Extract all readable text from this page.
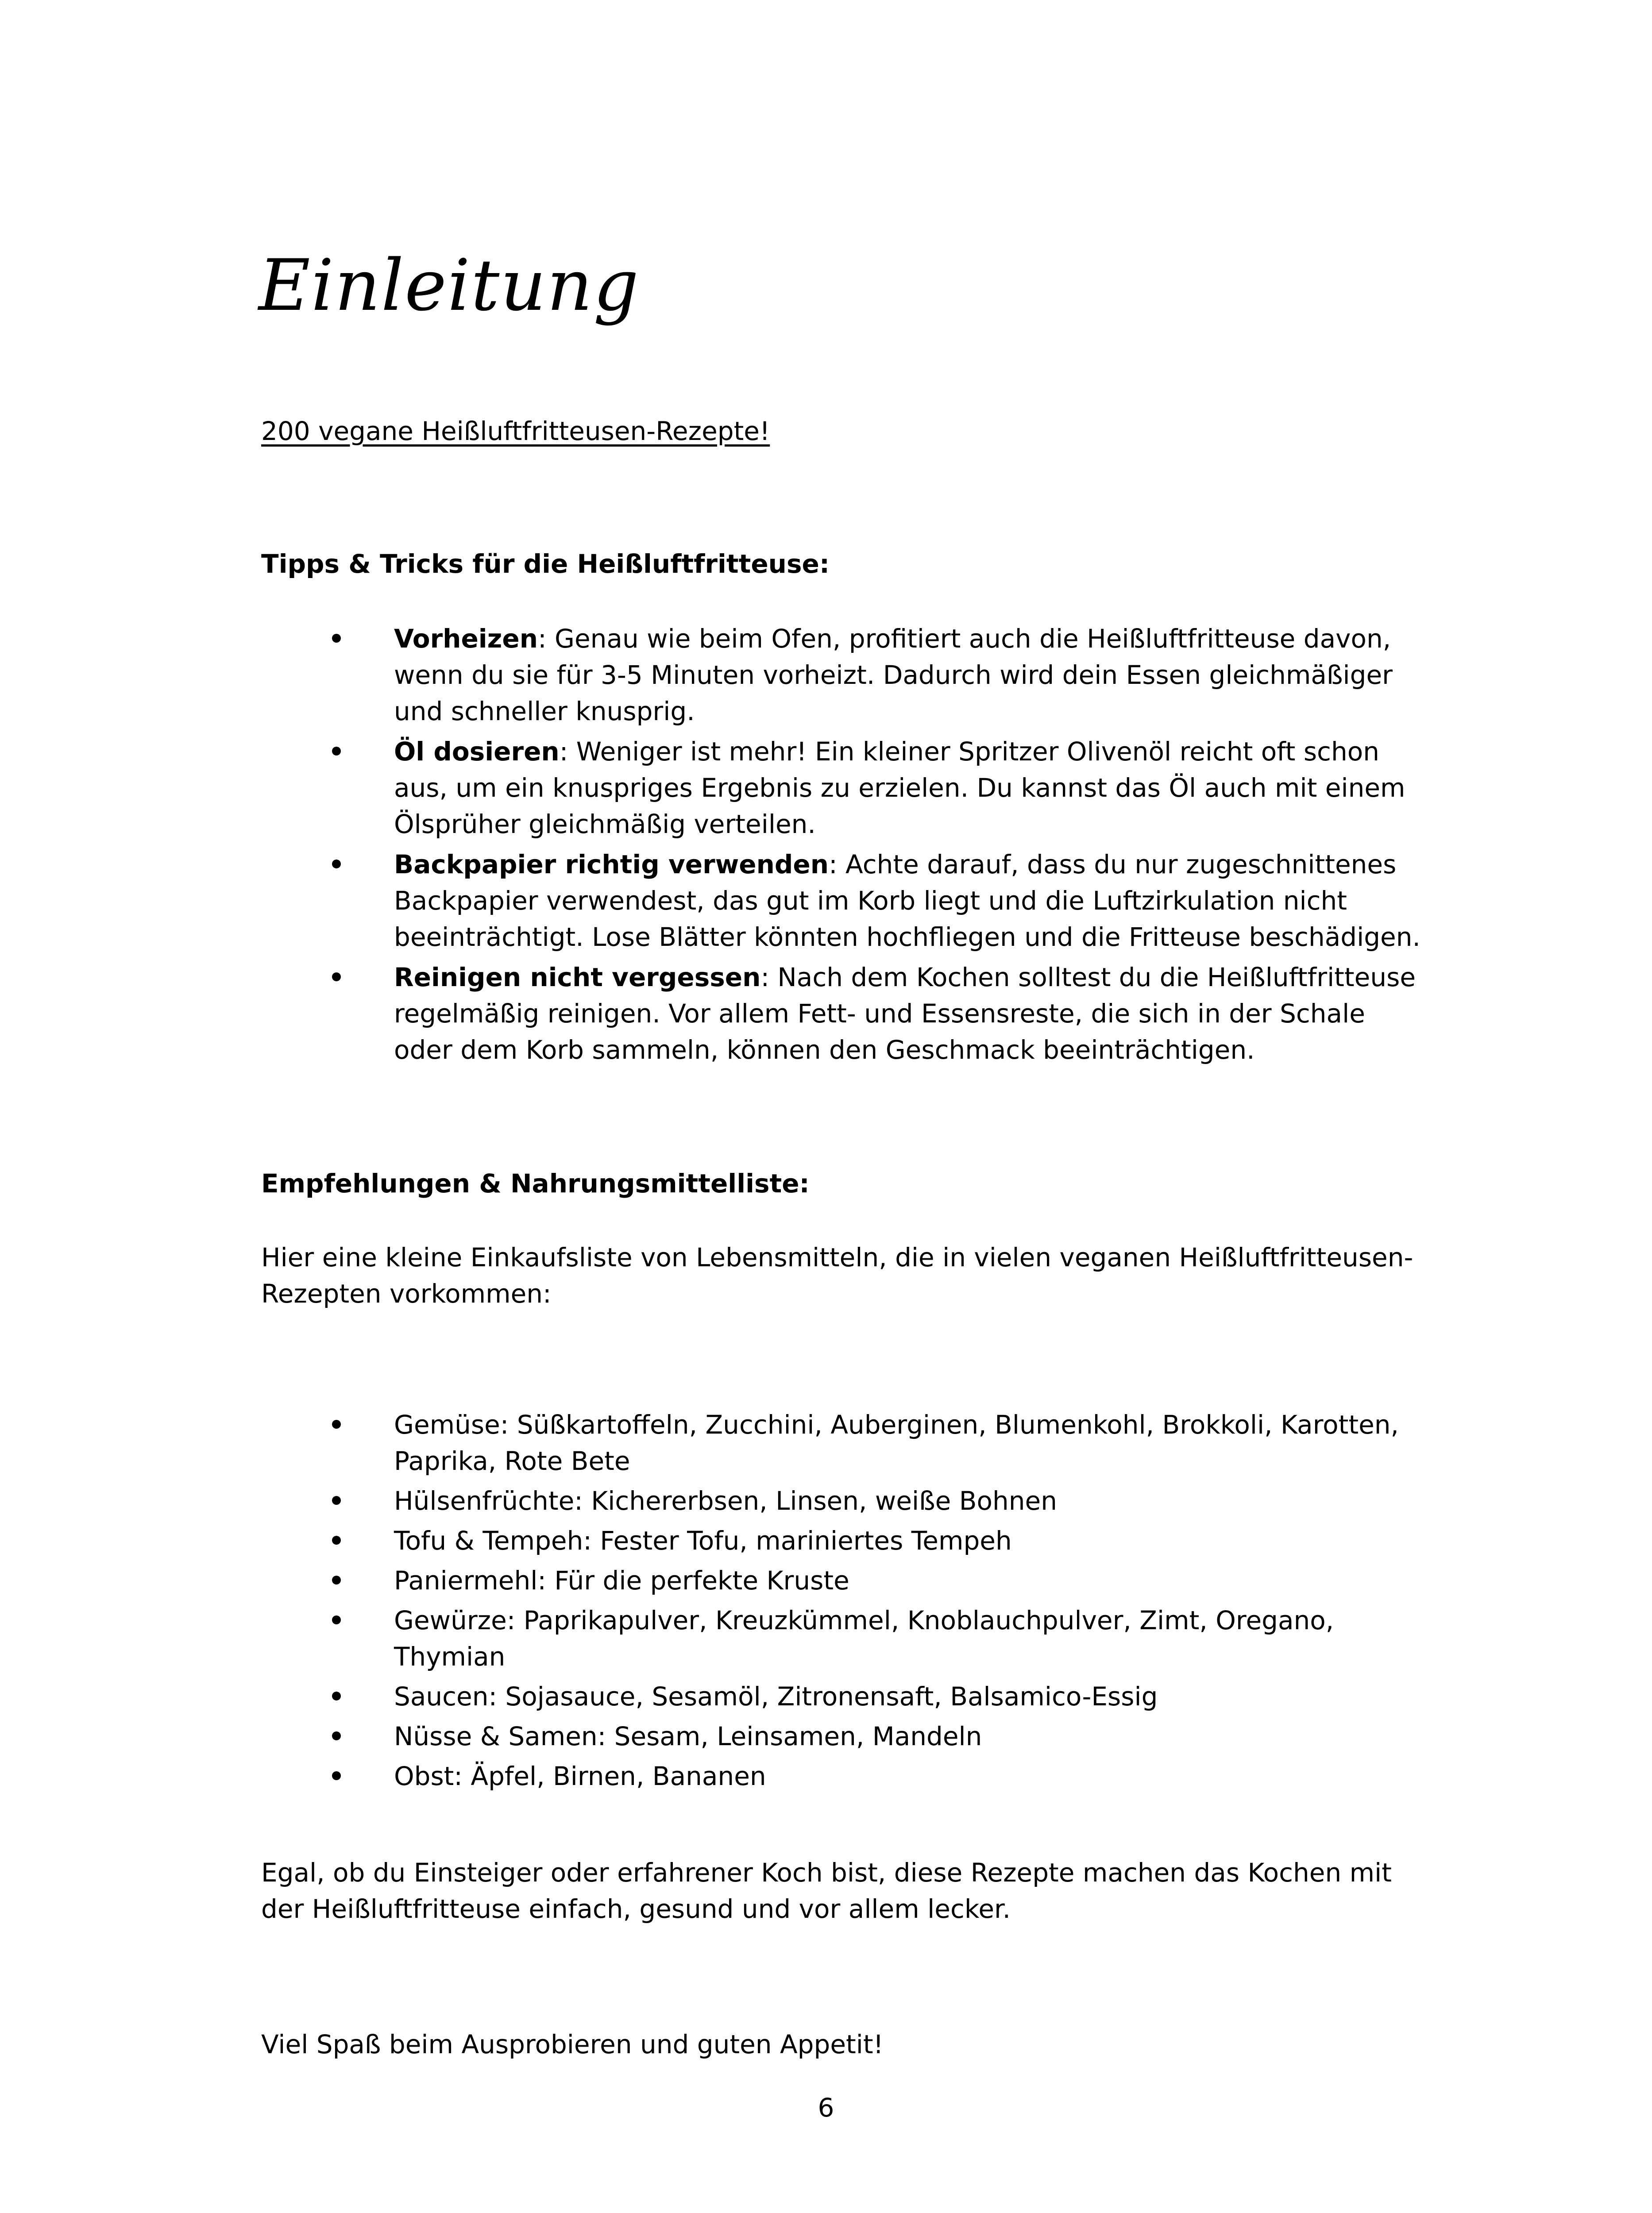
Einleitung
200 vegane Heißluftfritteusen-Rezepte!
Tipps & Tricks für die Heißluftfritteuse:
Vorheizen: Genau wie beim Ofen, profitiert auch die Heißluftfritteuse davon, wenn du sie für 3-5 Minuten vorheizt. Dadurch wird dein Essen gleichmäßiger und schneller knusprig.
Öl dosieren: Weniger ist mehr! Ein kleiner Spritzer Olivenöl reicht oft schon aus, um ein knuspriges Ergebnis zu erzielen. Du kannst das Öl auch mit einem Ölsprüher gleichmäßig verteilen.
Backpapier richtig verwenden: Achte darauf, dass du nur zugeschnittenes Backpapier verwendest, das gut im Korb liegt und die Luftzirkulation nicht beeinträchtigt. Lose Blätter könnten hochfliegen und die Fritteuse beschädigen.
Reinigen nicht vergessen: Nach dem Kochen solltest du die Heißluftfritteuse regelmäßig reinigen. Vor allem Fett- und Essensreste, die sich in der Schale oder dem Korb sammeln, können den Geschmack beeinträchtigen.
Empfehlungen & Nahrungsmittelliste:

Hier eine kleine Einkaufsliste von Lebensmitteln, die in vielen veganen Heißluftfritteusen-Rezepten vorkommen:

Gemüse: Süßkartoffeln, Zucchini, Auberginen, Blumenkohl, Brokkoli, Karotten, Paprika, Rote Bete
Hülsenfrüchte: Kichererbsen, Linsen, weiße Bohnen
Tofu & Tempeh: Fester Tofu, mariniertes Tempeh
Paniermehl: Für die perfekte Kruste
Gewürze: Paprikapulver, Kreuzkümmel, Knoblauchpulver, Zimt, Oregano, Thymian
Saucen: Sojasauce, Sesamöl, Zitronensaft, Balsamico-Essig
Nüsse & Samen: Sesam, Leinsamen, Mandeln
Obst: Äpfel, Birnen, Bananen

Egal, ob du Einsteiger oder erfahrener Koch bist, diese Rezepte machen das Kochen mit der Heißluftfritteuse einfach, gesund und vor allem lecker.

Viel Spaß beim Ausprobieren und guten Appetit!

6
